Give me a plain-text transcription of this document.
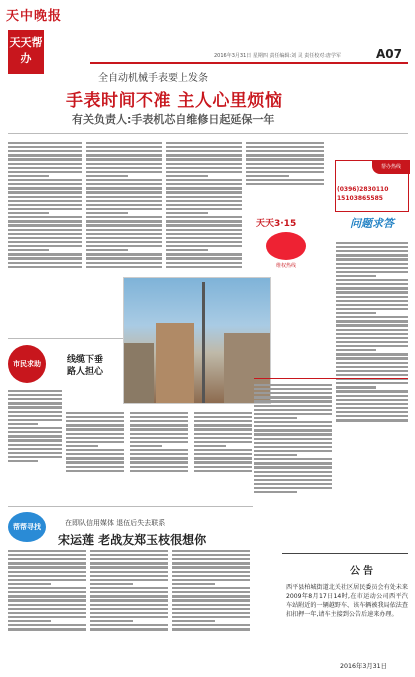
天中晚报
天天帮办	2016年3月31日 星期四 责任编辑:刘 灵 责任校对:唐学军	A07
全自动机械手表要上发条
手表时间不准 主人心里烦恼
有关负责人:手表机芯自维修日起延保一年
帮办热线
(0396)2830110
15103865585
天天3·15
维权热线
问题求答
市民求助	线缆下垂
路人担心
帮帮寻找	在即队信用媒体 退伍后失去联系
宋运莲 老战友郑玉枝很想你
公告
西平县柏城街道北关社区居民委员会有处未来2009年8月17日14时,在市运动公司西平汽车站附近的一辆越野车、该车辆被我局依法查扣扣押一年,请车主接到公告后速来办理。
2016年3月31日
